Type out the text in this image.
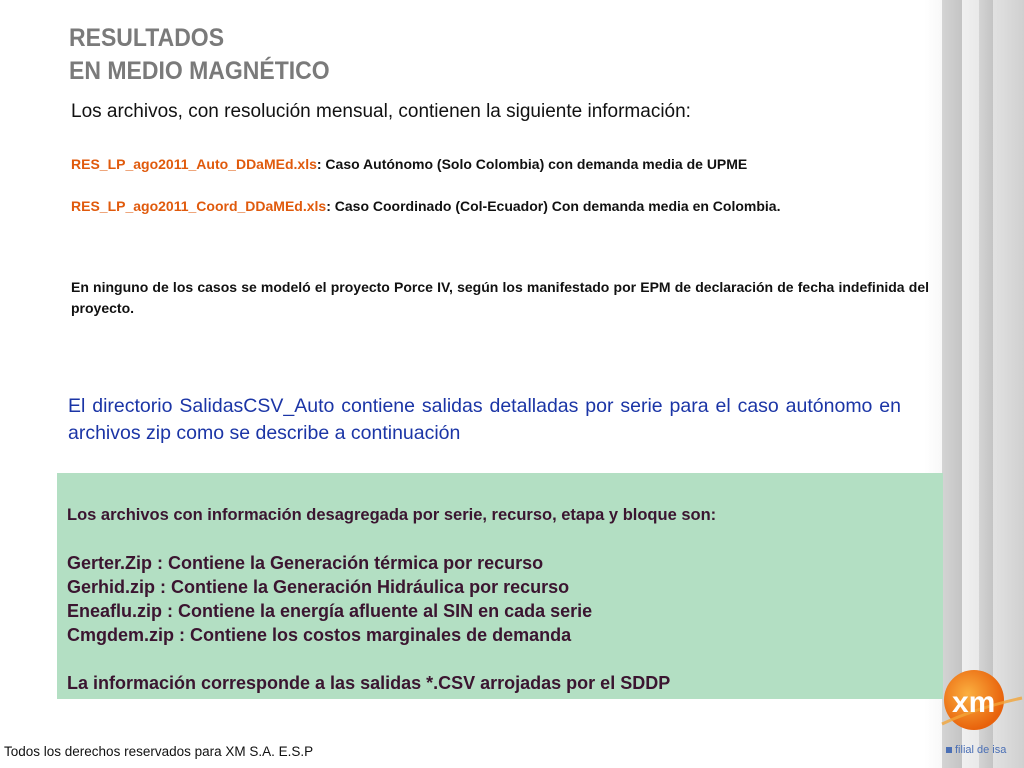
RESULTADOS
EN MEDIO MAGNÉTICO
Los archivos, con resolución mensual, contienen la siguiente información:
RES_LP_ago2011_Auto_DDaMEd.xls: Caso Autónomo (Solo Colombia) con demanda media de UPME
RES_LP_ago2011_Coord_DDaMEd.xls: Caso Coordinado (Col-Ecuador) Con demanda media en Colombia.
En ninguno de los casos se modeló el proyecto Porce IV, según los manifestado por EPM de declaración de fecha indefinida del proyecto.
El directorio SalidasCSV_Auto contiene salidas detalladas por serie para el caso autónomo en archivos zip como se describe a continuación
Los archivos con información desagregada por serie, recurso, etapa y bloque son:
Gerter.Zip : Contiene la Generación térmica por recurso
Gerhid.zip : Contiene la Generación Hidráulica por recurso
Eneaflu.zip : Contiene la energía afluente al SIN en cada serie
Cmgdem.zip : Contiene los costos marginales de demanda
La información corresponde a las salidas *.CSV arrojadas por el SDDP
xm
filial de isa
Todos los derechos reservados para XM S.A. E.S.P
